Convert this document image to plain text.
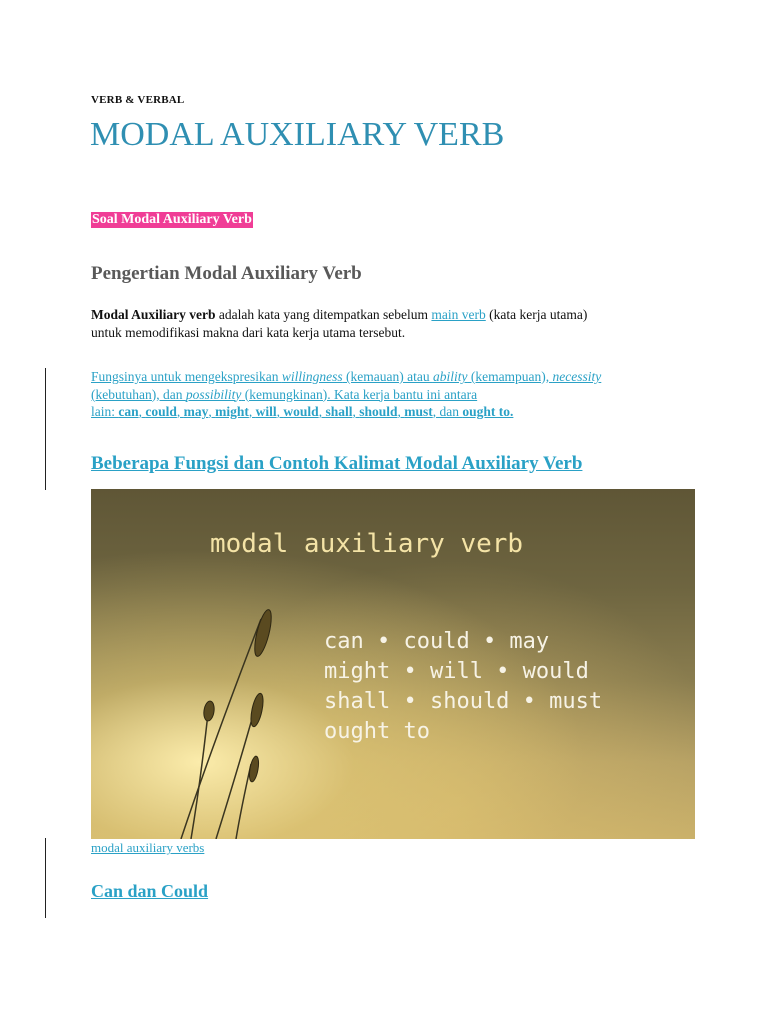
VERB & VERBAL
MODAL AUXILIARY VERB
Soal Modal Auxiliary Verb
Pengertian Modal Auxiliary Verb
Modal Auxiliary verb adalah kata yang ditempatkan sebelum main verb (kata kerja utama)
untuk memodifikasi makna dari kata kerja utama tersebut.
Fungsinya untuk mengekspresikan willingness (kemauan) atau ability (kemampuan), necessity
(kebutuhan), dan possibility (kemungkinan). Kata kerja bantu ini antara
lain: can, could, may, might, will, would, shall, should, must, dan ought to.
Beberapa Fungsi dan Contoh Kalimat Modal Auxiliary Verb
modal auxiliary verb
can • could • may
might • will • would
shall • should • must
ought to
modal auxiliary verbs
Can dan Could
